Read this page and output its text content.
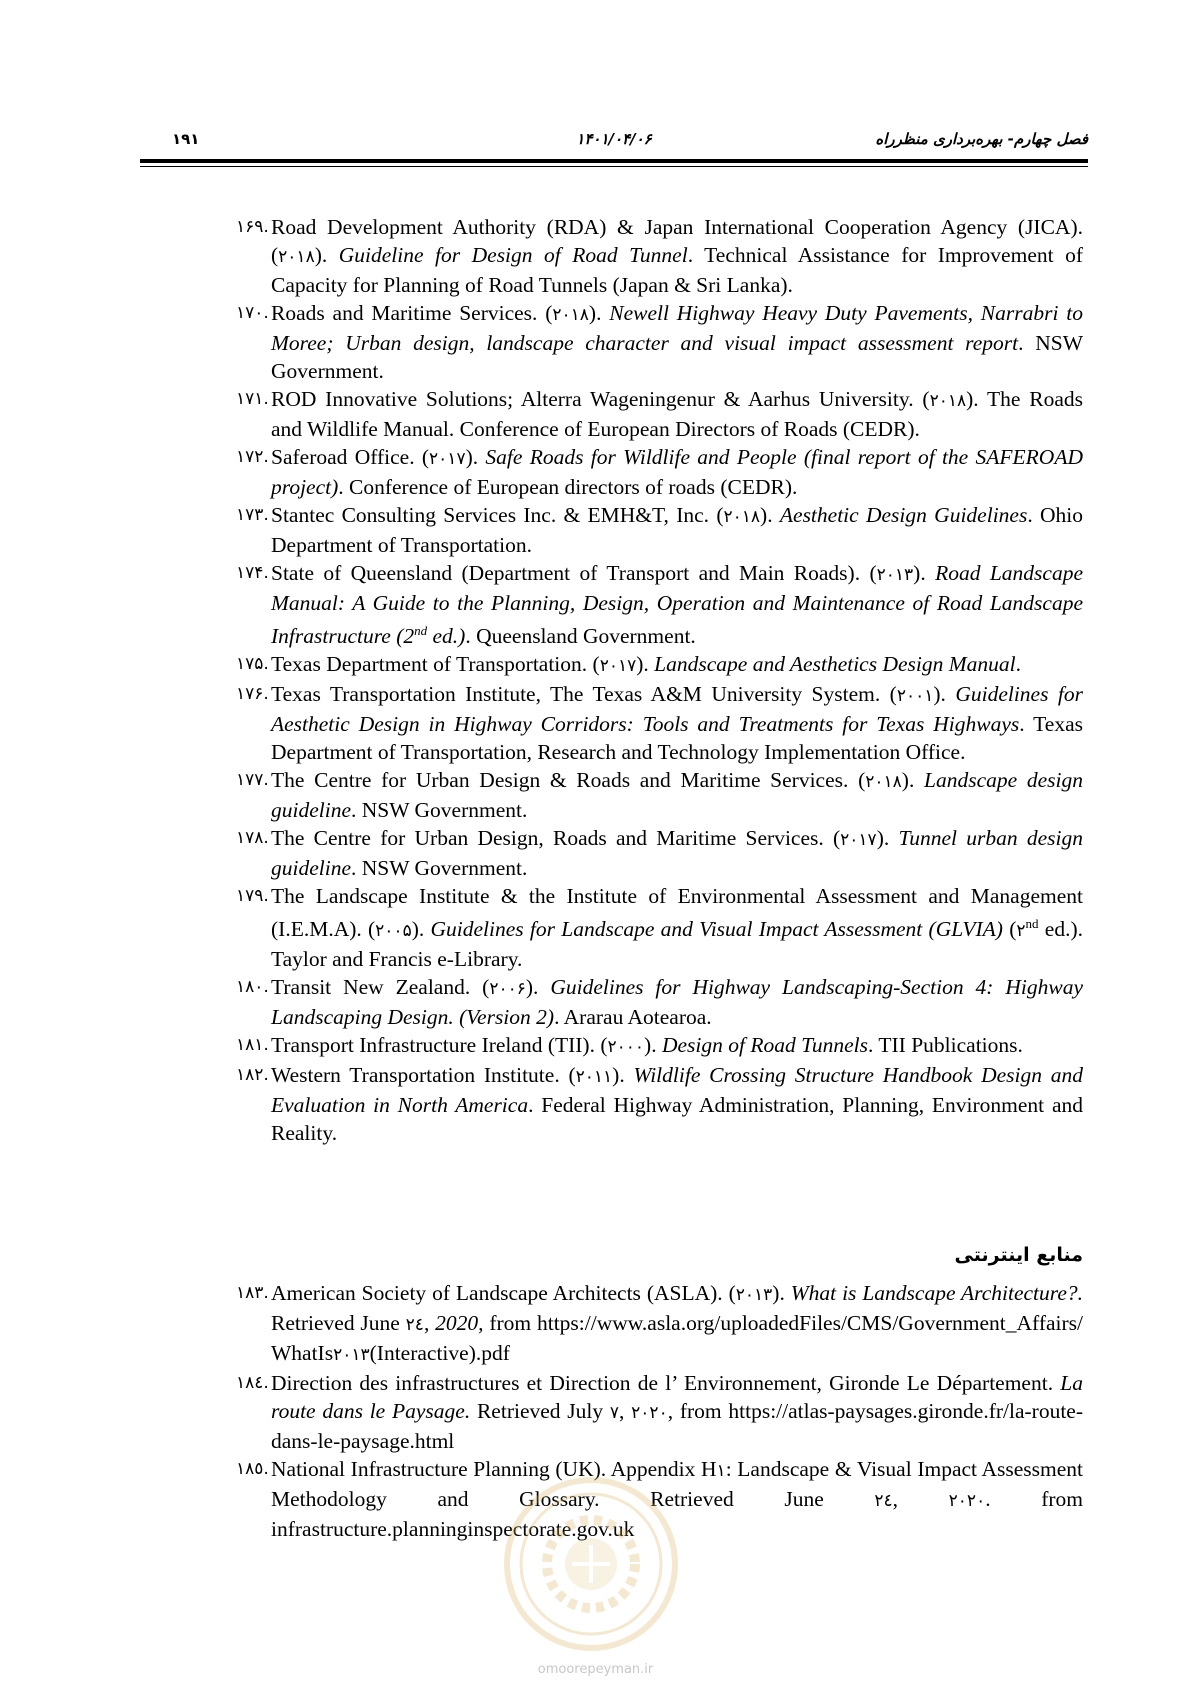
۱۹۱	۱۴۰۱/۰۴/۰۶	فصل چهارم- بهره‌برداری منظرراه
۱۶۹. Road Development Authority (RDA) & Japan International Cooperation Agency (JICA). (۲۰۱۸). Guideline for Design of Road Tunnel. Technical Assistance for Improvement of Capacity for Planning of Road Tunnels (Japan & Sri Lanka).
۱۷۰. Roads and Maritime Services. (۲۰۱۸). Newell Highway Heavy Duty Pavements, Narrabri to Moree; Urban design, landscape character and visual impact assessment report. NSW Government.
۱۷۱. ROD Innovative Solutions; Alterra Wageningenur & Aarhus University. (۲۰۱۸). The Roads and Wildlife Manual. Conference of European Directors of Roads (CEDR).
۱۷۲. Saferoad Office. (۲۰۱۷). Safe Roads for Wildlife and People (final report of the SAFEROAD project). Conference of European directors of roads (CEDR).
۱۷۳. Stantec Consulting Services Inc. & EMH&T, Inc. (۲۰۱۸). Aesthetic Design Guidelines. Ohio Department of Transportation.
۱۷۴. State of Queensland (Department of Transport and Main Roads). (۲۰۱۳). Road Landscape Manual: A Guide to the Planning, Design, Operation and Maintenance of Road Landscape Infrastructure (2nd ed.). Queensland Government.
۱۷۵. Texas Department of Transportation. (۲۰۱۷). Landscape and Aesthetics Design Manual.
۱۷۶. Texas Transportation Institute, The Texas A&M University System. (۲۰۰۱). Guidelines for Aesthetic Design in Highway Corridors: Tools and Treatments for Texas Highways. Texas Department of Transportation, Research and Technology Implementation Office.
۱۷۷. The Centre for Urban Design & Roads and Maritime Services. (۲۰۱۸). Landscape design guideline. NSW Government.
۱۷۸. The Centre for Urban Design, Roads and Maritime Services. (۲۰۱۷). Tunnel urban design guideline. NSW Government.
۱۷۹. The Landscape Institute & the Institute of Environmental Assessment and Management (I.E.M.A). (۲۰۰۵). Guidelines for Landscape and Visual Impact Assessment (GLVIA) (۲nd ed.). Taylor and Francis e-Library.
۱۸۰. Transit New Zealand. (۲۰۰۶). Guidelines for Highway Landscaping-Section 4: Highway Landscaping Design. (Version 2). Ararau Aotearoa.
۱۸۱. Transport Infrastructure Ireland (TII). (۲۰۰۰). Design of Road Tunnels. TII Publications.
۱۸۲. Western Transportation Institute. (۲۰۱۱). Wildlife Crossing Structure Handbook Design and Evaluation in North America. Federal Highway Administration, Planning, Environment and Reality.
منابع اینترنتی
۱۸۳. American Society of Landscape Architects (ASLA). (۲۰۱۳). What is Landscape Architecture?. Retrieved June ۲٤, 2020, from https://www.asla.org/uploadedFiles/CMS/Government_Affairs/WhatIs۲۰۱۳(Interactive).pdf
۱۸٤. Direction des infrastructures et Direction de l’ Environnement, Gironde Le Département. La route dans le Paysage. Retrieved July ۷, ۲۰۲۰, from https://atlas-paysages.gironde.fr/la-route-dans-le-paysage.html
۱۸٥. National Infrastructure Planning (UK). Appendix H۱: Landscape & Visual Impact Assessment Methodology and Glossary. Retrieved June ۲٤, ۲۰۲۰. from infrastructure.planninginspectorate.gov.uk
omoorepeyman.ir
